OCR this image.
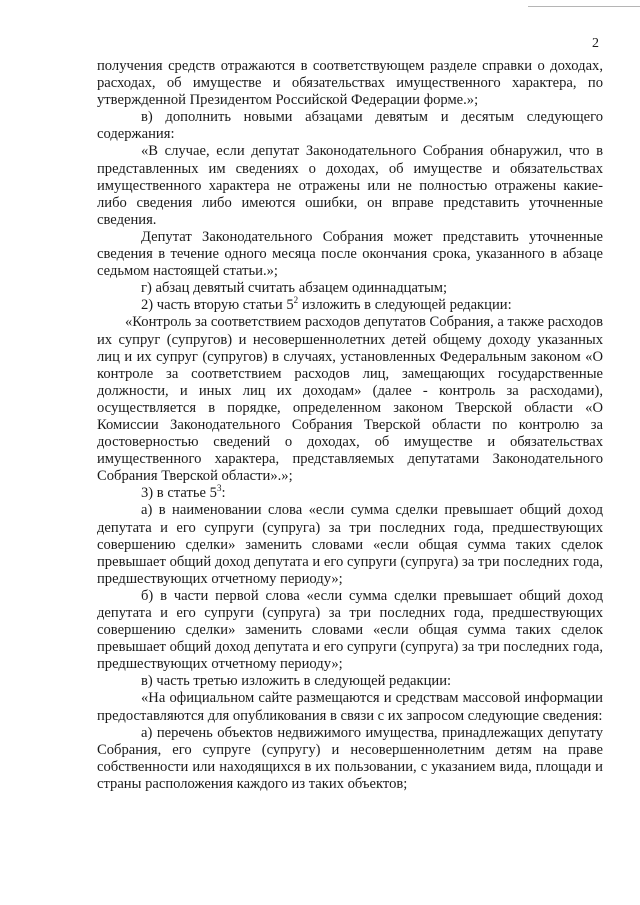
2

получения средств отражаются в соответствующем разделе справки о доходах, расходах, об имуществе и обязательствах имущественного характера, по утвержденной Президентом Российской Федерации форме.»;

в) дополнить новыми абзацами девятым и десятым следующего содержания:

«В случае, если депутат Законодательного Собрания обнаружил, что в представленных им сведениях о доходах, об имуществе и обязательствах имущественного характера не отражены или не полностью отражены какие-либо сведения либо имеются ошибки, он вправе представить уточненные сведения.

Депутат Законодательного Собрания может представить уточненные сведения в течение одного месяца после окончания срока, указанного в абзаце седьмом настоящей статьи.»;

г) абзац девятый считать абзацем одиннадцатым;

2) часть вторую статьи $5^2$ изложить в следующей редакции:

«Контроль за соответствием расходов депутатов Собрания, а также расходов их супруг (супругов) и несовершеннолетних детей общему доходу указанных лиц и их супруг (супругов) в случаях, установленных Федеральным законом «О контроле за соответствием расходов лиц, замещающих государственные должности, и иных лиц их доходам» (далее - контроль за расходами), осуществляется в порядке, определенном законом Тверской области «О Комиссии Законодательного Собрания Тверской области по контролю за достоверностью сведений о доходах, об имуществе и обязательствах имущественного характера, представляемых депутатами Законодательного Собрания Тверской области».»;

3) в статье $5^3$:

а) в наименовании слова «если сумма сделки превышает общий доход депутата и его супруги (супруга) за три последних года, предшествующих совершению сделки» заменить словами «если общая сумма таких сделок превышает общий доход депутата и его супруги (супруга) за три последних года, предшествующих отчетному периоду»;

б) в части первой слова «если сумма сделки превышает общий доход депутата и его супруги (супруга) за три последних года, предшествующих совершению сделки» заменить словами «если общая сумма таких сделок превышает общий доход депутата и его супруги (супруга) за три последних года, предшествующих отчетному периоду»;

в) часть третью изложить в следующей редакции:

«На официальном сайте размещаются и средствам массовой информации предоставляются для опубликования в связи с их запросом следующие сведения:

а) перечень объектов недвижимого имущества, принадлежащих депутату Собрания, его супруге (супругу) и несовершеннолетним детям на праве собственности или находящихся в их пользовании, с указанием вида, площади и страны расположения каждого из таких объектов;
